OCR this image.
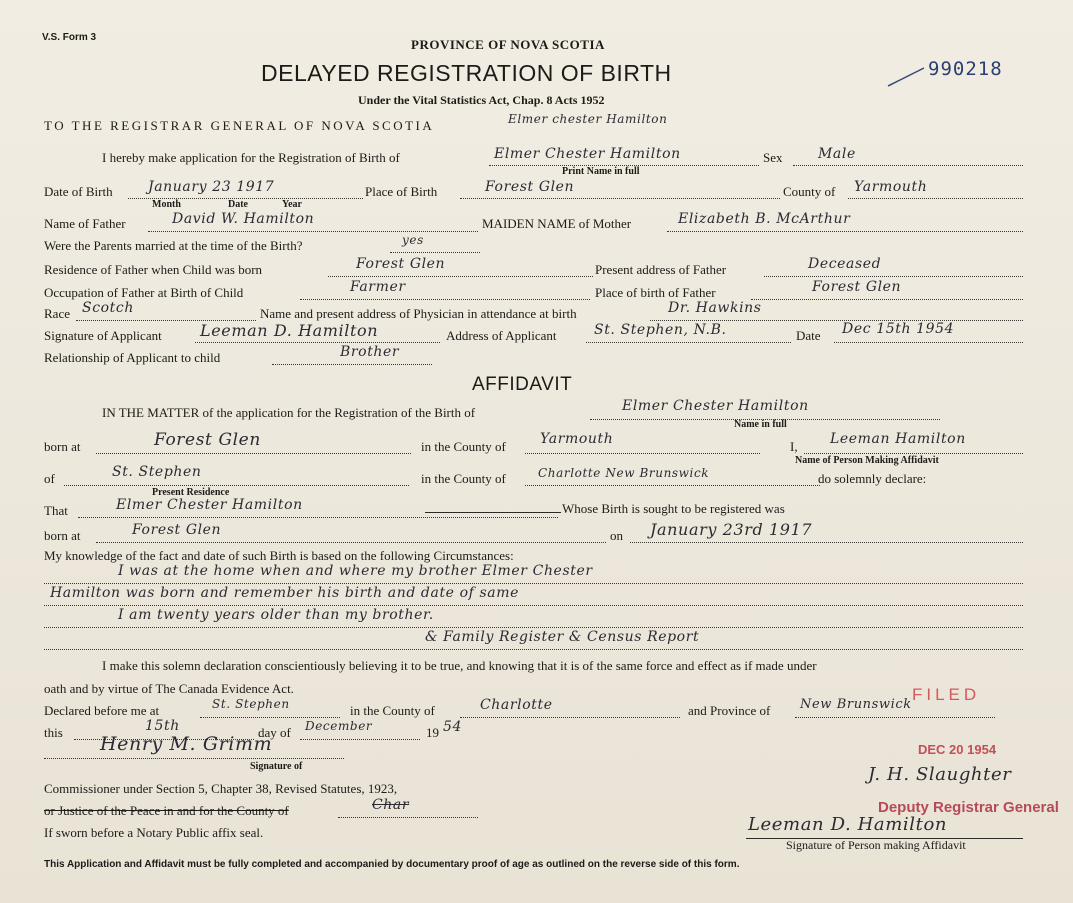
V.S. Form 3	PROVINCE OF NOVA SCOTIA
DELAYED REGISTRATION OF BIRTH
Under the Vital Statistics Act, Chap. 8 Acts 1952
990218
TO THE REGISTRAR GENERAL OF NOVA SCOTIA	Elmer chester Hamilton
I hereby make application for the Registration of Birth of	Elmer Chester Hamilton	Sex	Male
Print Name in full
Date of Birth	January 23 1917	Place of Birth	Forest Glen	County of Yarmouth
Month	Date	Year
Name of Father	David W. Hamilton	MAIDEN NAME of Mother	Elizabeth B. McArthur
Were the Parents married at the time of the Birth?	yes
Residence of Father when Child was born	Forest Glen	Present address of Father	Deceased
Occupation of Father at Birth of Child	Farmer	Place of birth of Father	Forest Glen
Race Scotch	Name and present address of Physician in attendance at birth	Dr. Hawkins
Signature of Applicant Leeman D. Hamilton	Address of Applicant	St. Stephen, N.B.	Date Dec 15th 1954
Relationship of Applicant to child	Brother
AFFIDAVIT
IN THE MATTER of the application for the Registration of the Birth of	Elmer Chester Hamilton
Name in full
born at	Forest Glen	in the County of Yarmouth	I, Leeman Hamilton
Name of Person Making Affidavit
of	St. Stephen	in the County of	Charlotte New Brunswick	do solemnly declare:
Present Residence
That	Elmer Chester Hamilton	Whose Birth is sought to be registered was
born at	Forest Glen	on January 23rd 1917
My knowledge of the fact and date of such Birth is based on the following Circumstances:
I was at the home when and where my brother Elmer Chester
Hamilton was born and remember his birth and date of same
I am twenty years older than my brother.
& Family Register & Census Report
I make this solemn declaration conscientiously believing it to be true, and knowing that it is of the same force and effect as if made under
oath and by virtue of The Canada Evidence Act.
Declared before me at	St. Stephen	in the County of	Charlotte	and Province of New Brunswick
this	15th	day of December	19 54
Henry M. Grimm
Signature of
Commissioner under Section 5, Chapter 38, Revised Statutes, 1923,
or Justice of the Peace in and for the County of	Char
If sworn before a Notary Public affix seal.
FILED
DEC 20 1954
J. H. Slaughter
Deputy Registrar General
Leeman D. Hamilton
Signature of Person making Affidavit
This Application and Affidavit must be fully completed and accompanied by documentary proof of age as outlined on the reverse side of this form.
